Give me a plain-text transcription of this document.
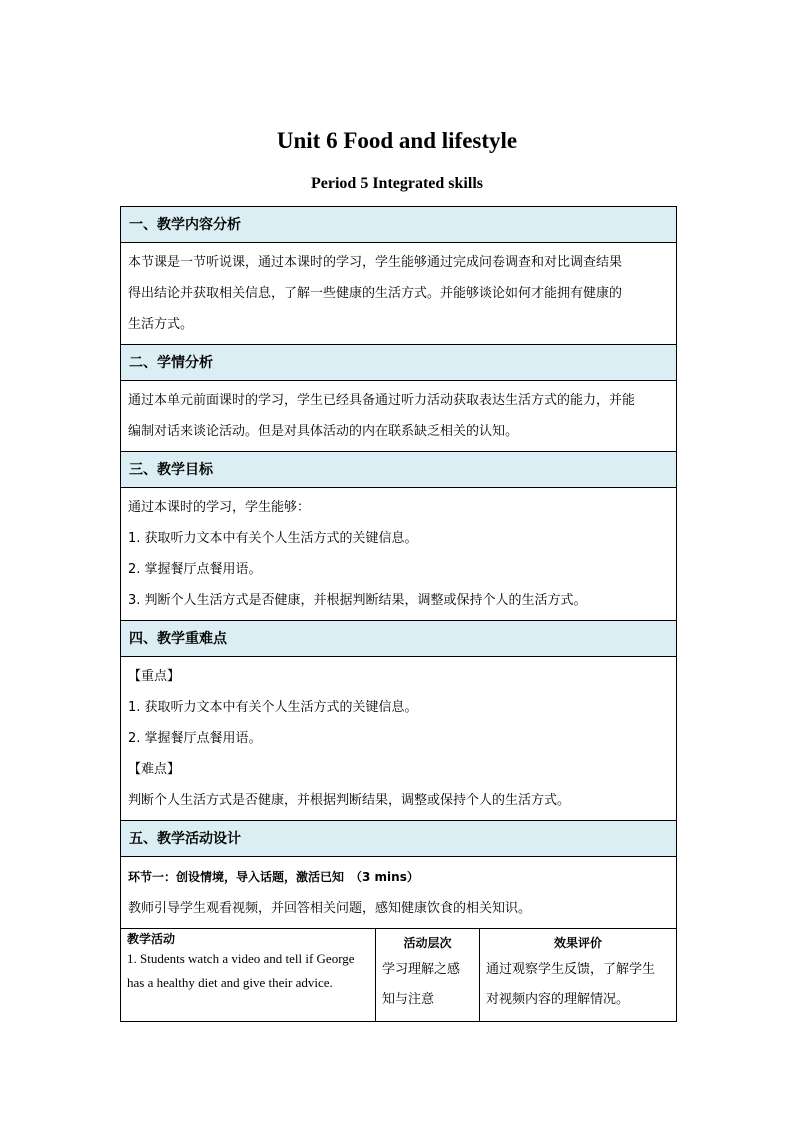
Unit 6 Food and lifestyle
Period 5 Integrated skills
一、教学内容分析
本节课是一节听说课，通过本课时的学习，学生能够通过完成问卷调查和对比调查结果
得出结论并获取相关信息，了解一些健康的生活方式。并能够谈论如何才能拥有健康的
生活方式。
二、学情分析
通过本单元前面课时的学习，学生已经具备通过听力活动获取表达生活方式的能力，并能
编制对话来谈论活动。但是对具体活动的内在联系缺乏相关的认知。
三、教学目标
通过本课时的学习，学生能够：
1. 获取听力文本中有关个人生活方式的关键信息。
2. 掌握餐厅点餐用语。
3. 判断个人生活方式是否健康，并根据判断结果，调整或保持个人的生活方式。
四、教学重难点
【重点】
1. 获取听力文本中有关个人生活方式的关键信息。
2. 掌握餐厅点餐用语。
【难点】
判断个人生活方式是否健康，并根据判断结果，调整或保持个人的生活方式。
五、教学活动设计
环节一：创设情境，导入话题，激活已知　（3 mins）
教师引导学生观看视频，并回答相关问题，感知健康饮食的相关知识。
教学活动
1. Students watch a video and tell if George
has a healthy diet and give their advice.
活动层次
学习理解之感
知与注意
效果评价
通过观察学生反馈，了解学生
对视频内容的理解情况。
